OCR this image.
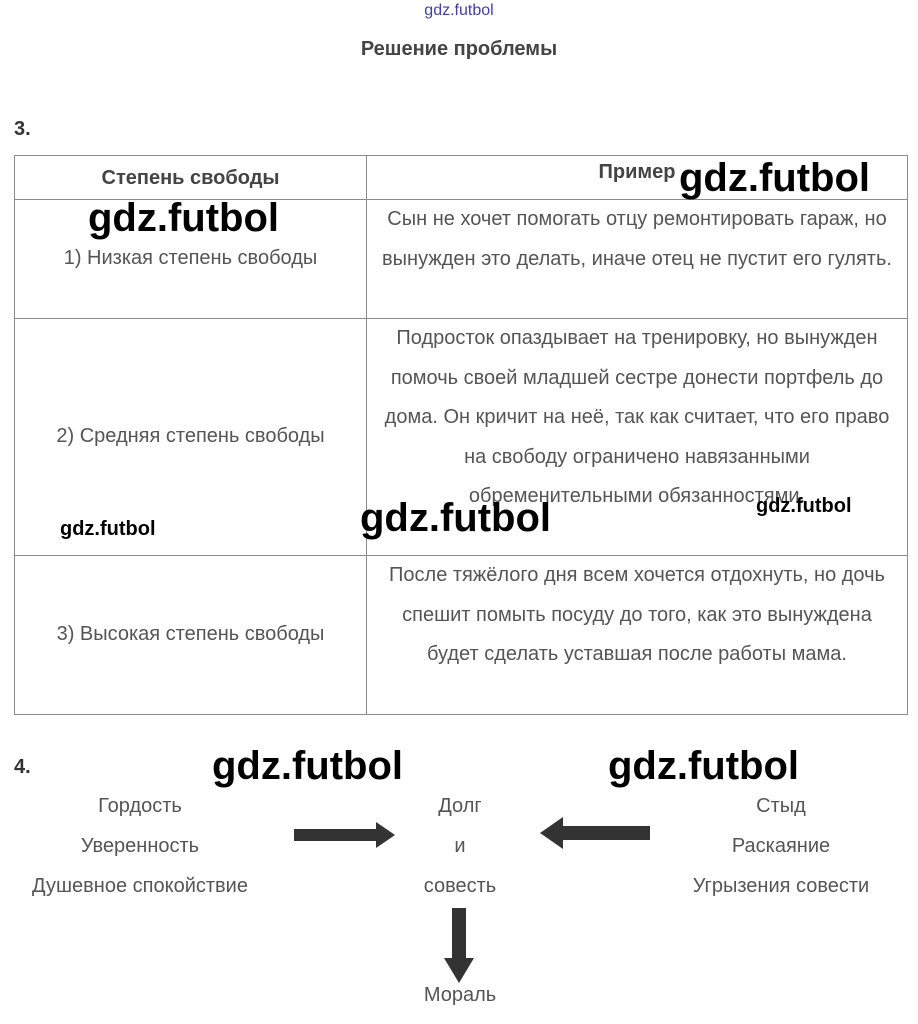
gdz.futbol
Решение проблемы
3.
Степень свободы	Пример
1) Низкая степень свободы	Сын не хочет помогать отцу ремонтировать гараж, но вынужден это делать, иначе отец не пустит его гулять.
2) Средняя степень свободы	Подросток опаздывает на тренировку, но вынужден помочь своей младшей сестре донести портфель до дома. Он кричит на неё, так как считает, что его право на свободу ограничено навязанными обременительными обязанностями.
3) Высокая степень свободы	После тяжёлого дня всем хочется отдохнуть, но дочь спешит помыть посуду до того, как это вынуждена будет сделать уставшая после работы мама.
4.
Гордость
Уверенность
Душевное спокойствие
Долг
и
совесть
Стыд
Раскаяние
Угрызения совести
Мораль
gdz.futbol
gdz.futbol
gdz.futbol	gdz.futbol	gdz.futbol
gdz.futbol	gdz.futbol
